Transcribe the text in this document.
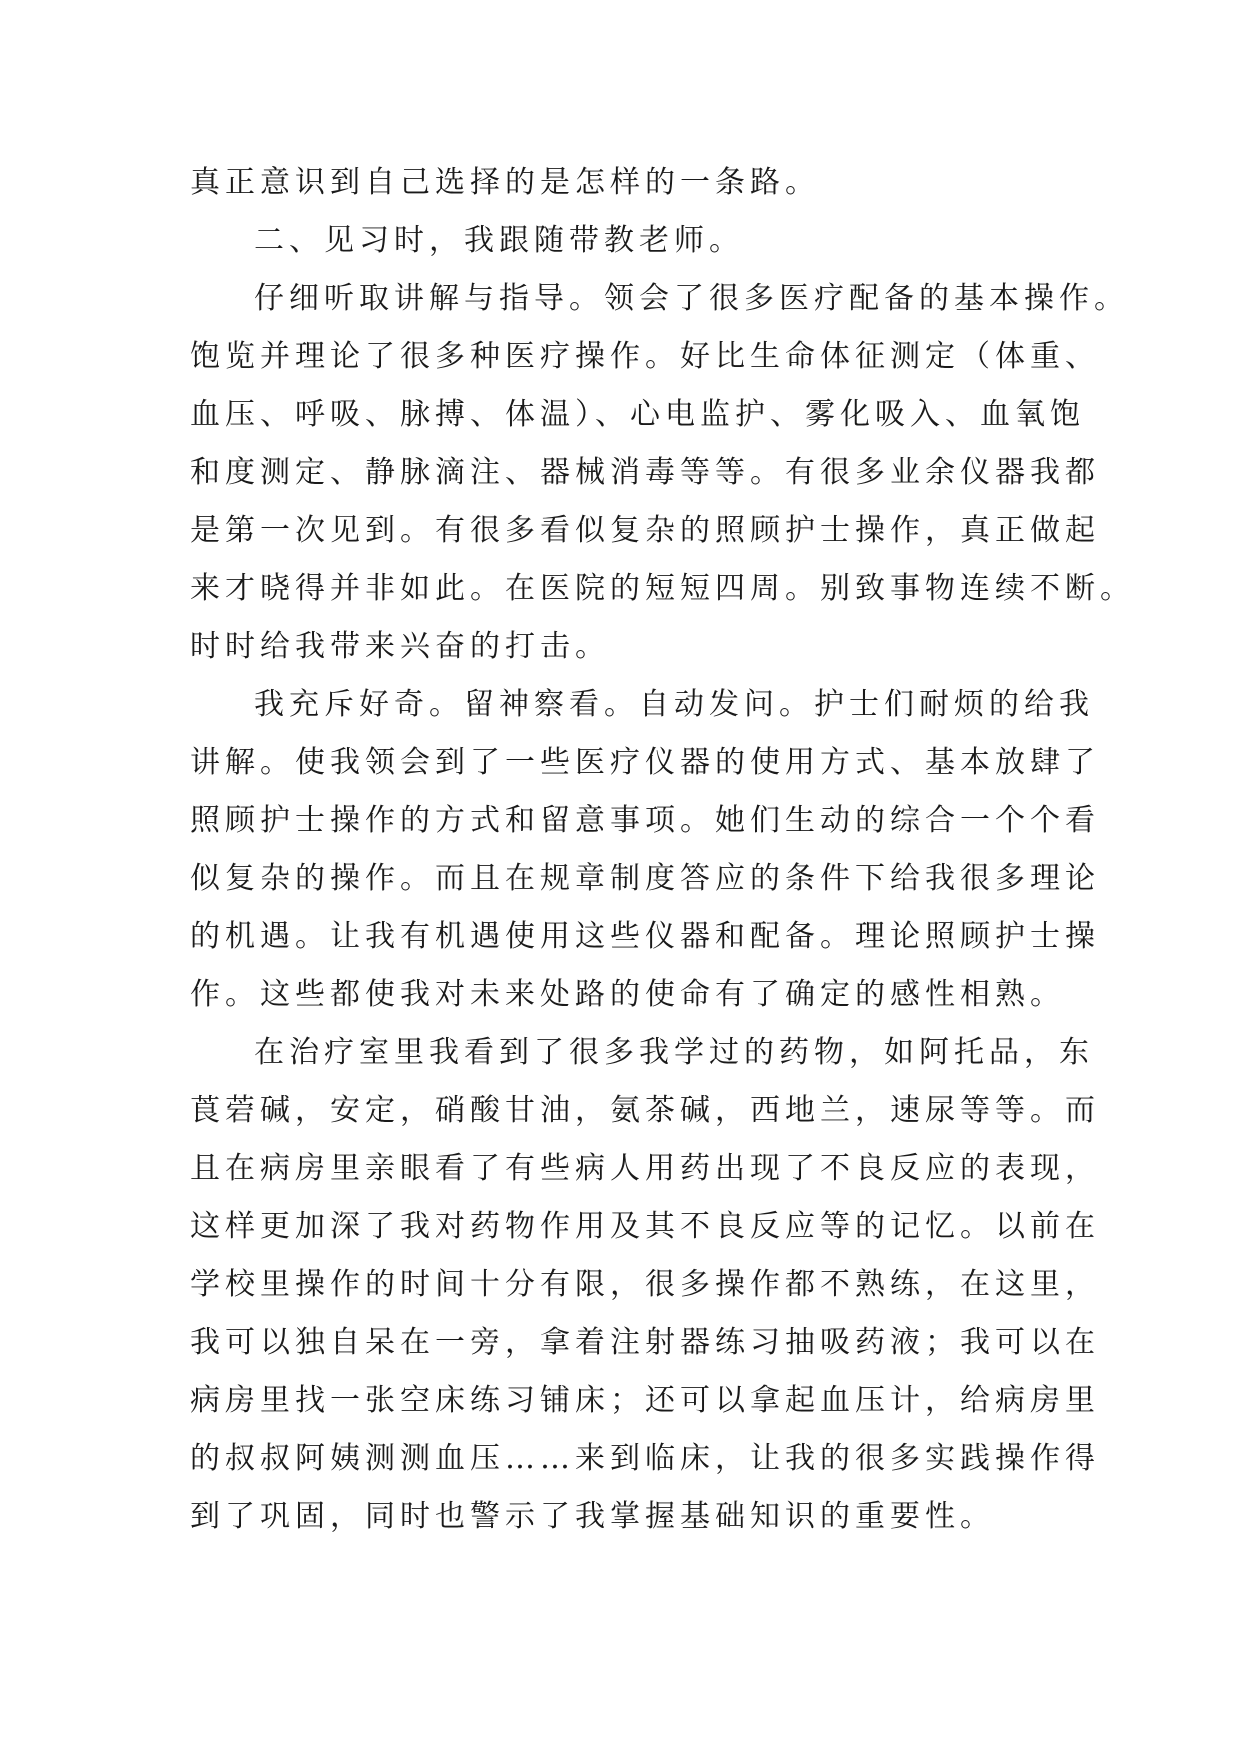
真正意识到自己选择的是怎样的一条路。
二、见习时，我跟随带教老师。
仔细听取讲解与指导。领会了很多医疗配备的基本操作。
饱览并理论了很多种医疗操作。好比生命体征测定（体重、
血压、呼吸、脉搏、体温）、心电监护、雾化吸入、血氧饱
和度测定、静脉滴注、器械消毒等等。有很多业余仪器我都
是第一次见到。有很多看似复杂的照顾护士操作，真正做起
来才晓得并非如此。在医院的短短四周。别致事物连续不断。
时时给我带来兴奋的打击。
我充斥好奇。留神察看。自动发问。护士们耐烦的给我
讲解。使我领会到了一些医疗仪器的使用方式、基本放肆了
照顾护士操作的方式和留意事项。她们生动的综合一个个看
似复杂的操作。而且在规章制度答应的条件下给我很多理论
的机遇。让我有机遇使用这些仪器和配备。理论照顾护士操
作。这些都使我对未来处路的使命有了确定的感性相熟。
在治疗室里我看到了很多我学过的药物，如阿托品，东
莨菪碱，安定，硝酸甘油，氨茶碱，西地兰，速尿等等。而
且在病房里亲眼看了有些病人用药出现了不良反应的表现，
这样更加深了我对药物作用及其不良反应等的记忆。以前在
学校里操作的时间十分有限，很多操作都不熟练，在这里，
我可以独自呆在一旁，拿着注射器练习抽吸药液；我可以在
病房里找一张空床练习铺床；还可以拿起血压计，给病房里
的叔叔阿姨测测血压……来到临床，让我的很多实践操作得
到了巩固，同时也警示了我掌握基础知识的重要性。
